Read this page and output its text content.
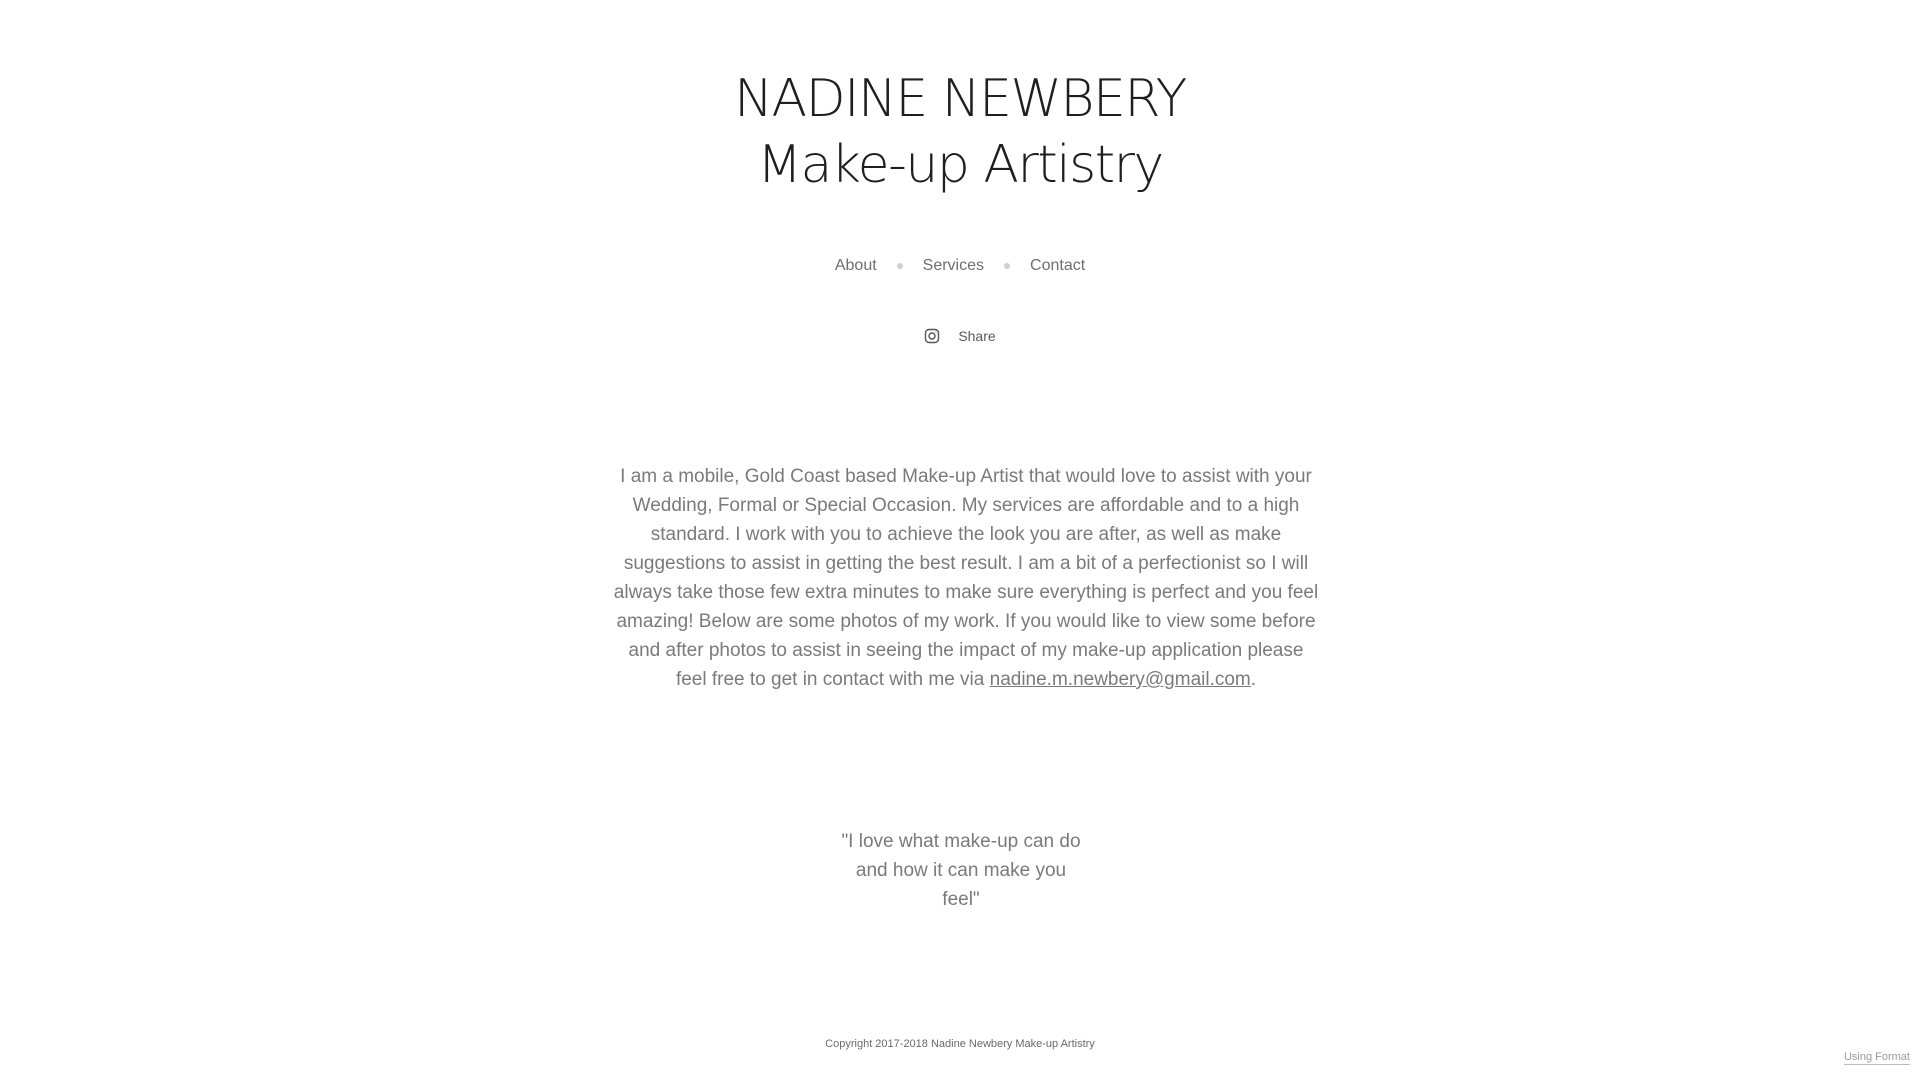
NADINE NEWBERY
Make-up Artistry
About	Services	Contact
Share

I am a mobile, Gold Coast based Make-up Artist that would love to assist with your Wedding, Formal or Special Occasion. My services are affordable and to a high standard. I work with you to achieve the look you are after, as well as make suggestions to assist in getting the best result. I am a bit of a perfectionist so I will always take those few extra minutes to make sure everything is perfect and you feel amazing! Below are some photos of my work. If you would like to view some before and after photos to assist in seeing the impact of my make-up application please feel free to get in contact with me via nadine.m.newbery@gmail.com.

"I love what make-up can do and how it can make you feel"

Copyright 2017-2018 Nadine Newbery Make-up Artistry
Using Format
